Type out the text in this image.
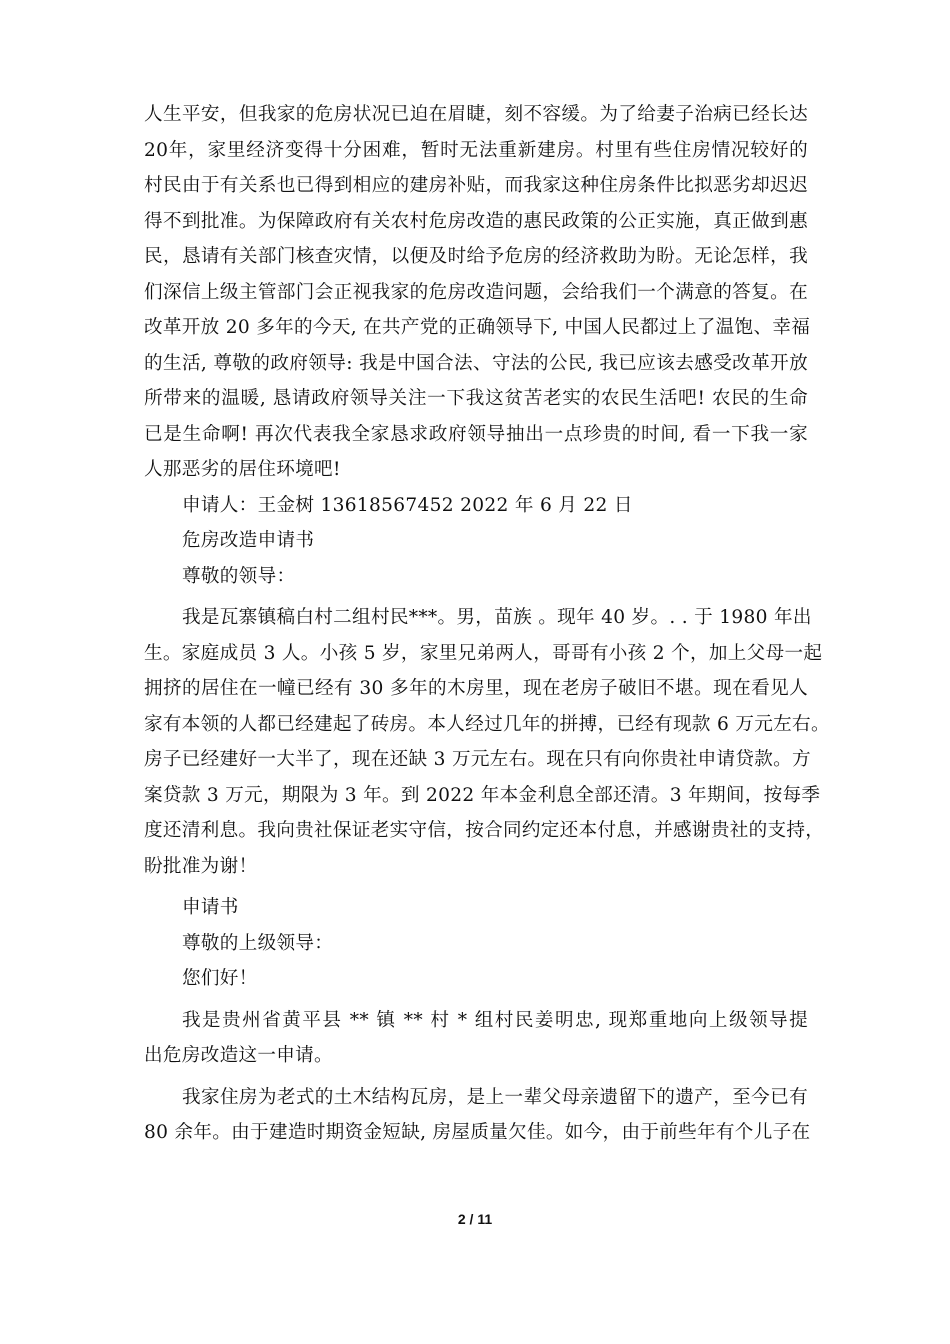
人生平安，但我家的危房状况已迫在眉睫，刻不容缓。为了给妻子治病已经长达
20年，家里经济变得十分困难，暂时无法重新建房。村里有些住房情况较好的
村民由于有关系也已得到相应的建房补贴，而我家这种住房条件比拟恶劣却迟迟
得不到批准。为保障政府有关农村危房改造的惠民政策的公正实施，真正做到惠
民，恳请有关部门核查灾情，以便及时给予危房的经济救助为盼。无论怎样，我
们深信上级主管部门会正视我家的危房改造问题，会给我们一个满意的答复。在
改革开放 20 多年的今天, 在共产党的正确领导下, 中国人民都过上了温饱、幸福
的生活, 尊敬的政府领导: 我是中国合法、守法的公民, 我已应该去感受改革开放
所带来的温暖, 恳请政府领导关注一下我这贫苦老实的农民生活吧! 农民的生命
已是生命啊! 再次代表我全家恳求政府领导抽出一点珍贵的时间, 看一下我一家
人那恶劣的居住环境吧!
申请人：王金树 13618567452 2022 年 6 月 22 日
危房改造申请书
尊敬的领导：
我是瓦寨镇稿白村二组村民***。男，苗族 。现年 40 岁。. . 于 1980 年出
生。家庭成员 3 人。小孩 5 岁，家里兄弟两人，哥哥有小孩 2 个，加上父母一起
拥挤的居住在一幢已经有 30 多年的木房里，现在老房子破旧不堪。现在看见人
家有本领的人都已经建起了砖房。本人经过几年的拼搏，已经有现款 6 万元左右。
房子已经建好一大半了，现在还缺 3 万元左右。现在只有向你贵社申请贷款。方
案贷款 3 万元，期限为 3 年。到 2022 年本金利息全部还清。3 年期间，按每季
度还清利息。我向贵社保证老实守信，按合同约定还本付息，并感谢贵社的支持，
盼批准为谢！
申请书
尊敬的上级领导：
您们好！
我是贵州省黄平县 ** 镇 ** 村 * 组村民姜明忠, 现郑重地向上级领导提
出危房改造这一申请。
我家住房为老式的土木结构瓦房，是上一辈父母亲遗留下的遗产，至今已有
80 余年。由于建造时期资金短缺, 房屋质量欠佳。如今，由于前些年有个儿子在
2 / 11
